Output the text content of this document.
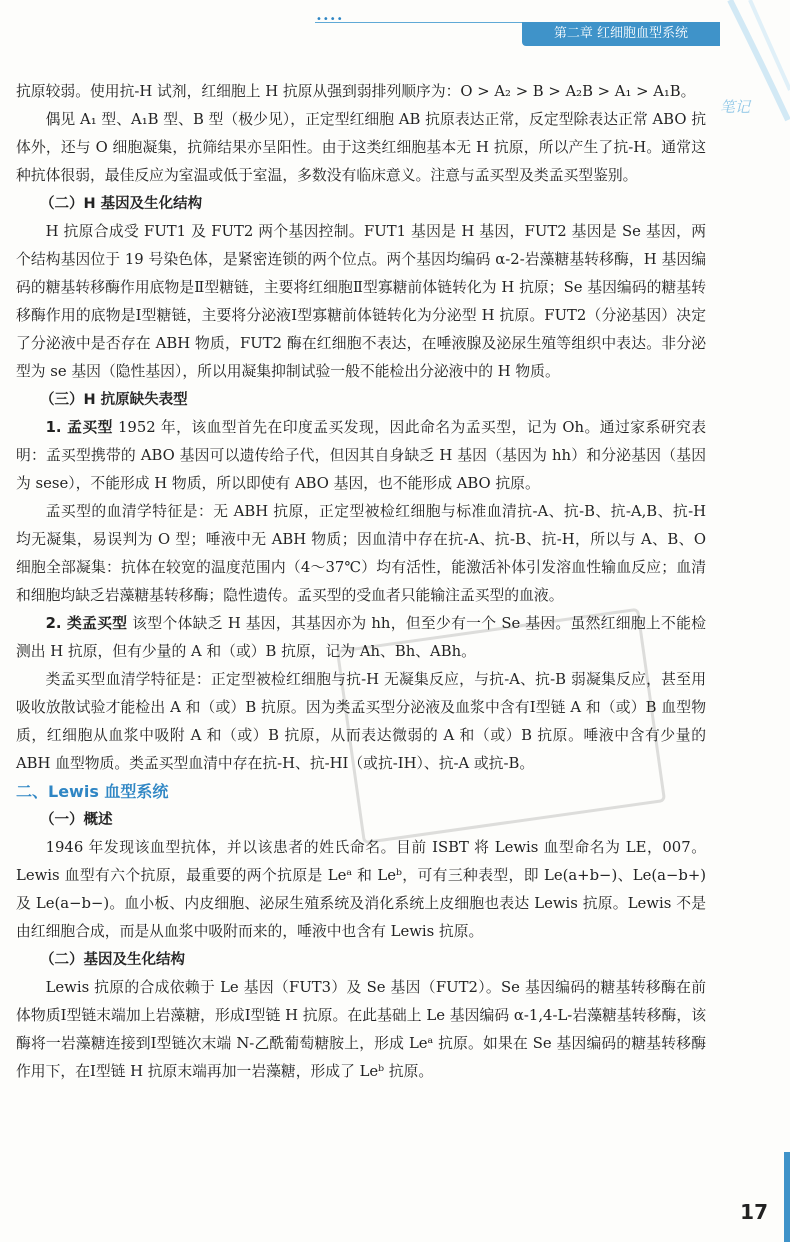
••••
第二章 红细胞血型系统
笔记

抗原较弱。使用抗-H 试剂，红细胞上 H 抗原从强到弱排列顺序为：O > A₂ > B > A₂B > A₁ > A₁B。

偶见 A₁ 型、A₁B 型、B 型（极少见），正定型红细胞 AB 抗原表达正常，反定型除表达正常 ABO 抗体外，还与 O 细胞凝集，抗筛结果亦呈阳性。由于这类红细胞基本无 H 抗原，所以产生了抗-H。通常这种抗体很弱，最佳反应为室温或低于室温，多数没有临床意义。注意与孟买型及类孟买型鉴别。

（二）H 基因及生化结构

H 抗原合成受 FUT1 及 FUT2 两个基因控制。FUT1 基因是 H 基因，FUT2 基因是 Se 基因，两个结构基因位于 19 号染色体，是紧密连锁的两个位点。两个基因均编码 α-2-岩藻糖基转移酶，H 基因编码的糖基转移酶作用底物是Ⅱ型糖链，主要将红细胞Ⅱ型寡糖前体链转化为 H 抗原；Se 基因编码的糖基转移酶作用的底物是Ⅰ型糖链，主要将分泌液Ⅰ型寡糖前体链转化为分泌型 H 抗原。FUT2（分泌基因）决定了分泌液中是否存在 ABH 物质，FUT2 酶在红细胞不表达，在唾液腺及泌尿生殖等组织中表达。非分泌型为 se 基因（隐性基因），所以用凝集抑制试验一般不能检出分泌液中的 H 物质。

（三）H 抗原缺失表型

1. 孟买型 1952 年，该血型首先在印度孟买发现，因此命名为孟买型，记为 Oh。通过家系研究表明：孟买型携带的 ABO 基因可以遗传给子代，但因其自身缺乏 H 基因（基因为 hh）和分泌基因（基因为 sese），不能形成 H 物质，所以即使有 ABO 基因，也不能形成 ABO 抗原。

孟买型的血清学特征是：无 ABH 抗原，正定型被检红细胞与标准血清抗-A、抗-B、抗-A,B、抗-H 均无凝集，易误判为 O 型；唾液中无 ABH 物质；因血清中存在抗-A、抗-B、抗-H，所以与 A、B、O 细胞全部凝集：抗体在较宽的温度范围内（4～37℃）均有活性，能激活补体引发溶血性输血反应；血清和细胞均缺乏岩藻糖基转移酶；隐性遗传。孟买型的受血者只能输注孟买型的血液。

2. 类孟买型 该型个体缺乏 H 基因，其基因亦为 hh，但至少有一个 Se 基因。虽然红细胞上不能检测出 H 抗原，但有少量的 A 和（或）B 抗原，记为 Ah、Bh、ABh。

类孟买型血清学特征是：正定型被检红细胞与抗-H 无凝集反应，与抗-A、抗-B 弱凝集反应，甚至用吸收放散试验才能检出 A 和（或）B 抗原。因为类孟买型分泌液及血浆中含有Ⅰ型链 A 和（或）B 血型物质，红细胞从血浆中吸附 A 和（或）B 抗原，从而表达微弱的 A 和（或）B 抗原。唾液中含有少量的 ABH 血型物质。类孟买型血清中存在抗-H、抗-HI（或抗-IH）、抗-A 或抗-B。

二、Lewis 血型系统

（一）概述

1946 年发现该血型抗体，并以该患者的姓氏命名。目前 ISBT 将 Lewis 血型命名为 LE，007。Lewis 血型有六个抗原，最重要的两个抗原是 Leᵃ 和 Leᵇ，可有三种表型，即 Le(a+b−)、Le(a−b+) 及 Le(a−b−)。血小板、内皮细胞、泌尿生殖系统及消化系统上皮细胞也表达 Lewis 抗原。Lewis 不是由红细胞合成，而是从血浆中吸附而来的，唾液中也含有 Lewis 抗原。

（二）基因及生化结构

Lewis 抗原的合成依赖于 Le 基因（FUT3）及 Se 基因（FUT2）。Se 基因编码的糖基转移酶在前体物质Ⅰ型链末端加上岩藻糖，形成Ⅰ型链 H 抗原。在此基础上 Le 基因编码 α-1,4-L-岩藻糖基转移酶，该酶将一岩藻糖连接到Ⅰ型链次末端 N-乙酰葡萄糖胺上，形成 Leᵃ 抗原。如果在 Se 基因编码的糖基转移酶作用下，在Ⅰ型链 H 抗原末端再加一岩藻糖，形成了 Leᵇ 抗原。

17
